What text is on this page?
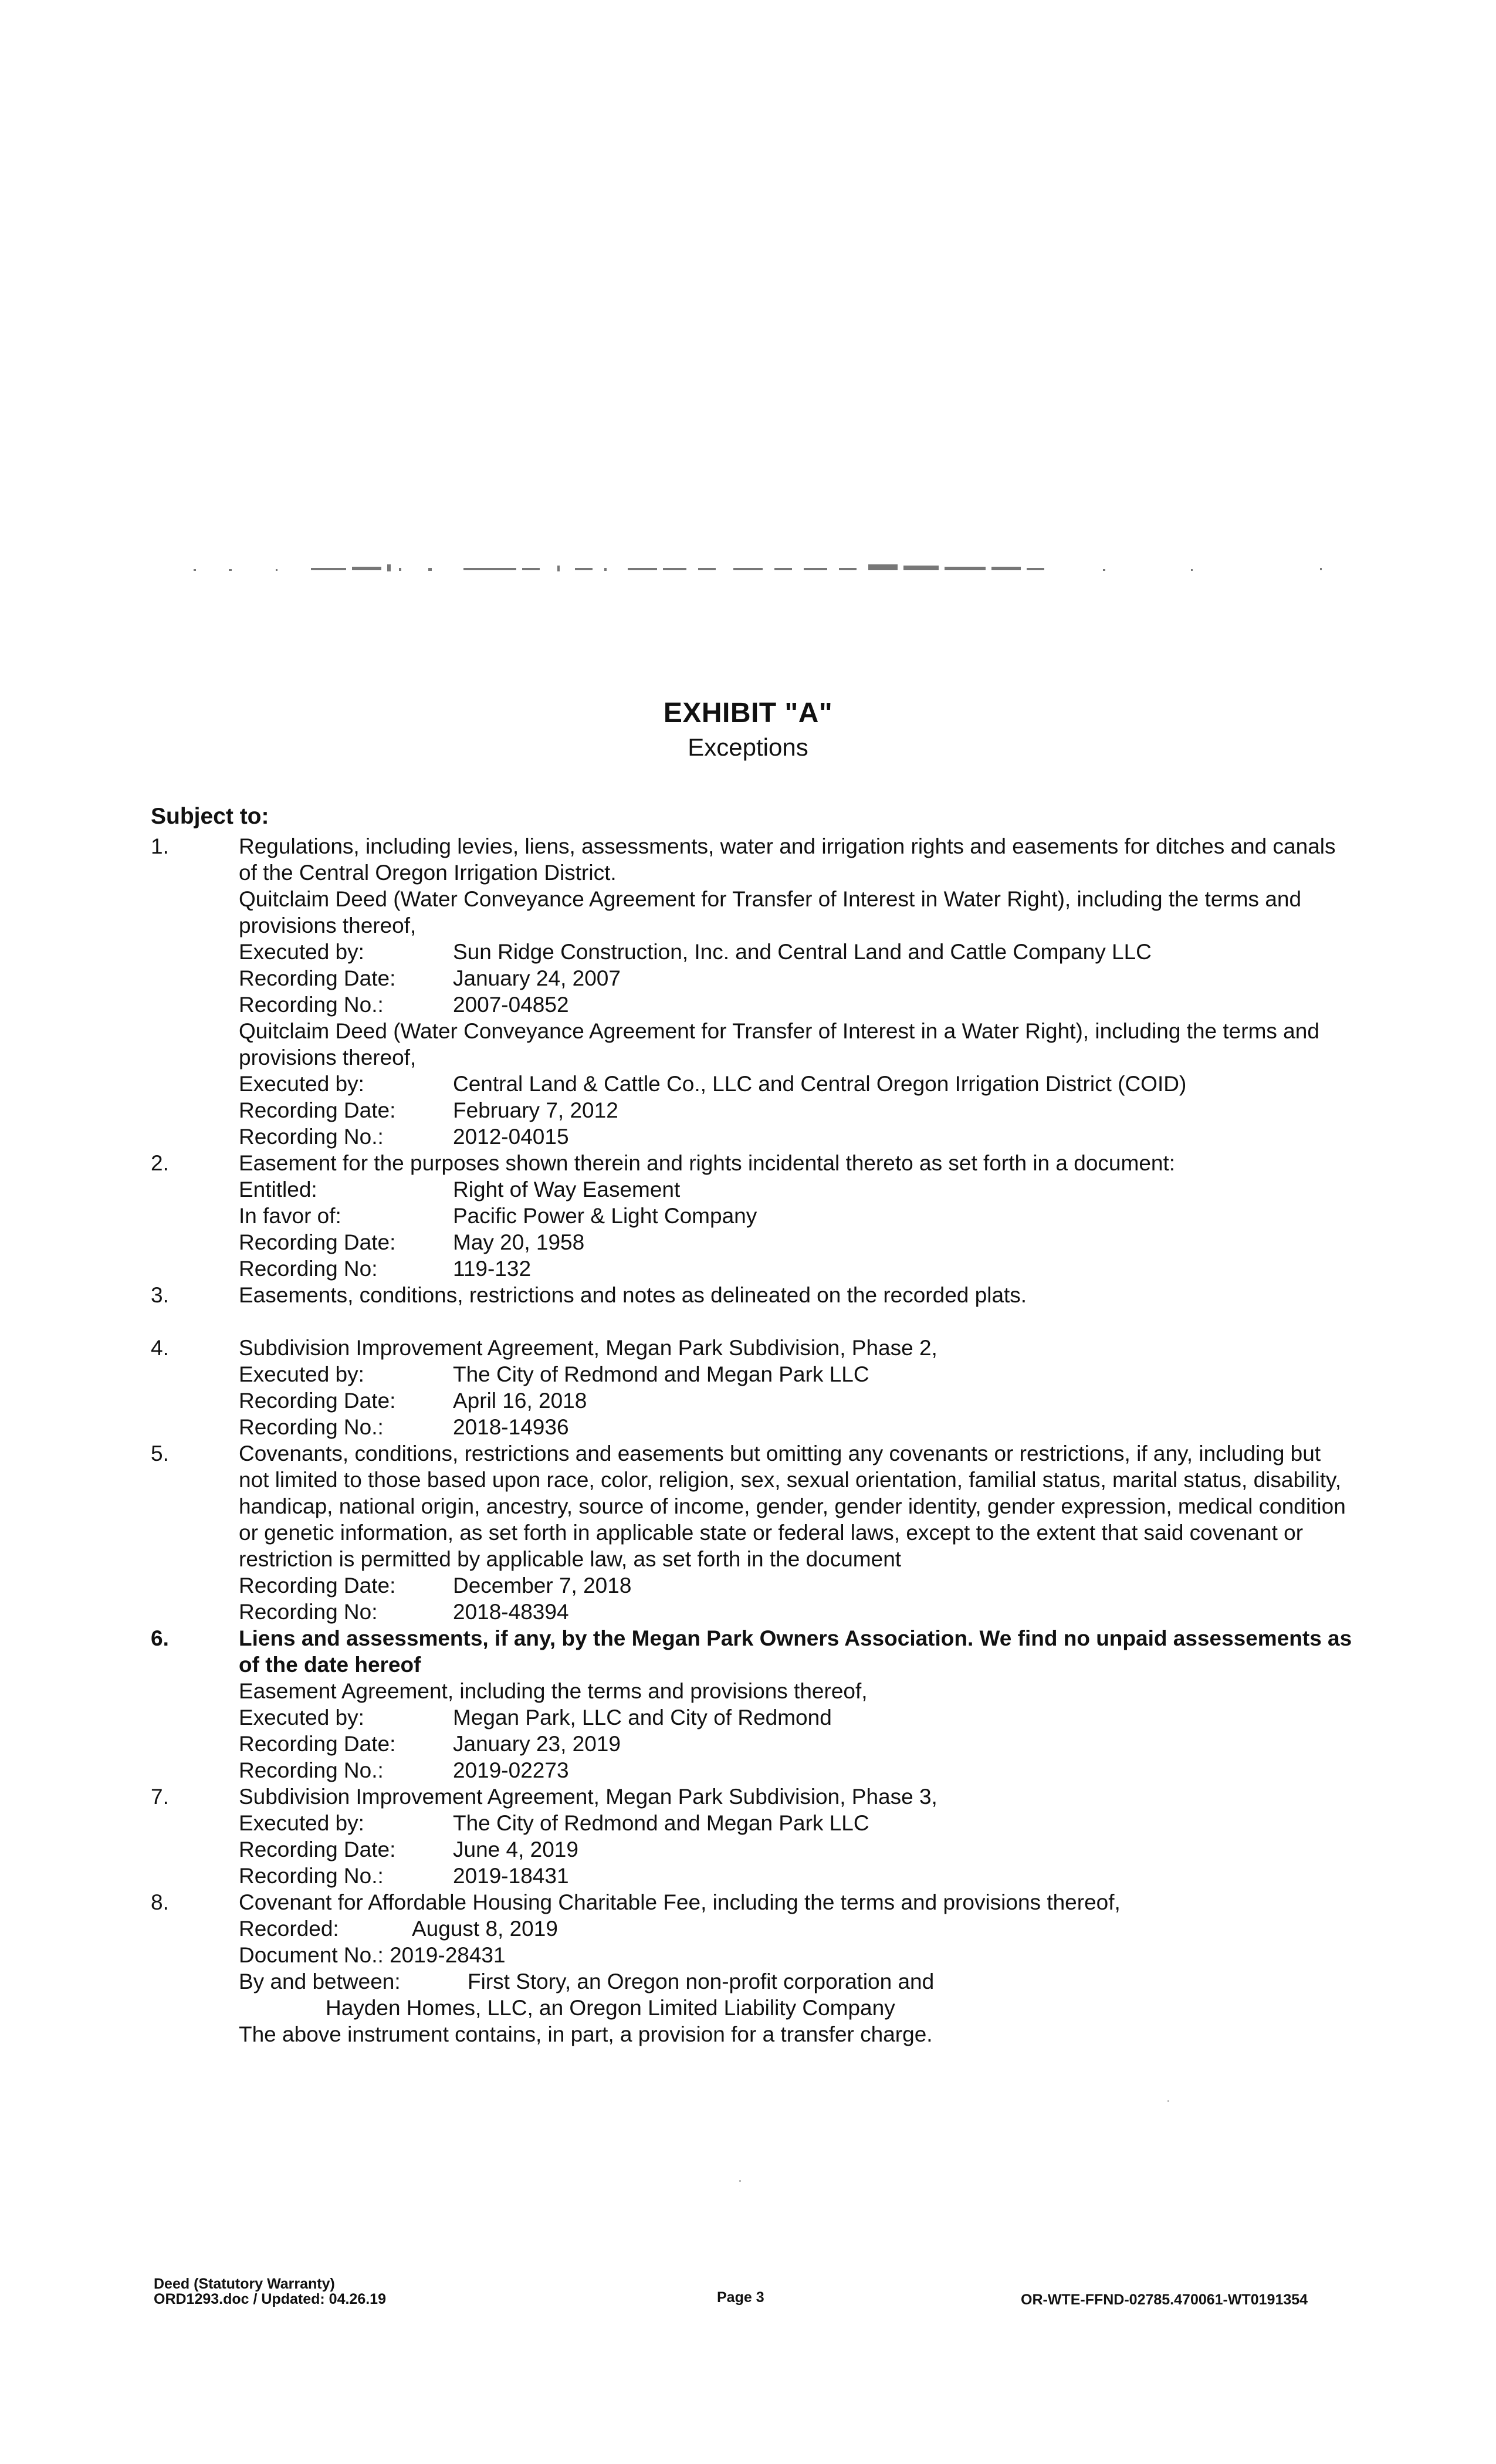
EXHIBIT "A"
Exceptions
Subject to:
1.	Regulations, including levies, liens, assessments, water and irrigation rights and easements for ditches and canals of the Central Oregon Irrigation District.
Quitclaim Deed (Water Conveyance Agreement for Transfer of Interest in Water Right), including the terms and provisions thereof,
Executed by:	Sun Ridge Construction, Inc. and Central Land and Cattle Company LLC
Recording Date:	January 24, 2007
Recording No.:	2007-04852
Quitclaim Deed (Water Conveyance Agreement for Transfer of Interest in a Water Right), including the terms and provisions thereof,
Executed by:	Central Land & Cattle Co., LLC and Central Oregon Irrigation District (COID)
Recording Date:	February 7, 2012
Recording No.:	2012-04015
2.	Easement for the purposes shown therein and rights incidental thereto as set forth in a document:
Entitled:	Right of Way Easement
In favor of:	Pacific Power & Light Company
Recording Date:	May 20, 1958
Recording No:	119-132
3.	Easements, conditions, restrictions and notes as delineated on the recorded plats.
4.	Subdivision Improvement Agreement, Megan Park Subdivision, Phase 2,
Executed by:	The City of Redmond and Megan Park LLC
Recording Date:	April 16, 2018
Recording No.:	2018-14936
5.	Covenants, conditions, restrictions and easements but omitting any covenants or restrictions, if any, including but not limited to those based upon race, color, religion, sex, sexual orientation, familial status, marital status, disability, handicap, national origin, ancestry, source of income, gender, gender identity, gender expression, medical condition or genetic information, as set forth in applicable state or federal laws, except to the extent that said covenant or restriction is permitted by applicable law, as set forth in the document
Recording Date:	December 7, 2018
Recording No:	2018-48394
6.	Liens and assessments, if any, by the Megan Park Owners Association. We find no unpaid assessements as of the date hereof
Easement Agreement, including the terms and provisions thereof,
Executed by:	Megan Park, LLC and City of Redmond
Recording Date:	January 23, 2019
Recording No.:	2019-02273
7.	Subdivision Improvement Agreement, Megan Park Subdivision, Phase 3,
Executed by:	The City of Redmond and Megan Park LLC
Recording Date:	June 4, 2019
Recording No.:	2019-18431
8.	Covenant for Affordable Housing Charitable Fee, including the terms and provisions thereof,
Recorded:	August 8, 2019
Document No.:
2019-28431
By and between:	First Story, an Oregon non-profit corporation and
Hayden Homes, LLC, an Oregon Limited Liability Company
The above instrument contains, in part, a provision for a transfer charge.
Deed (Statutory Warranty)
ORD1293.doc / Updated: 04.26.19	Page 3	OR-WTE-FFND-02785.470061-WT0191354
